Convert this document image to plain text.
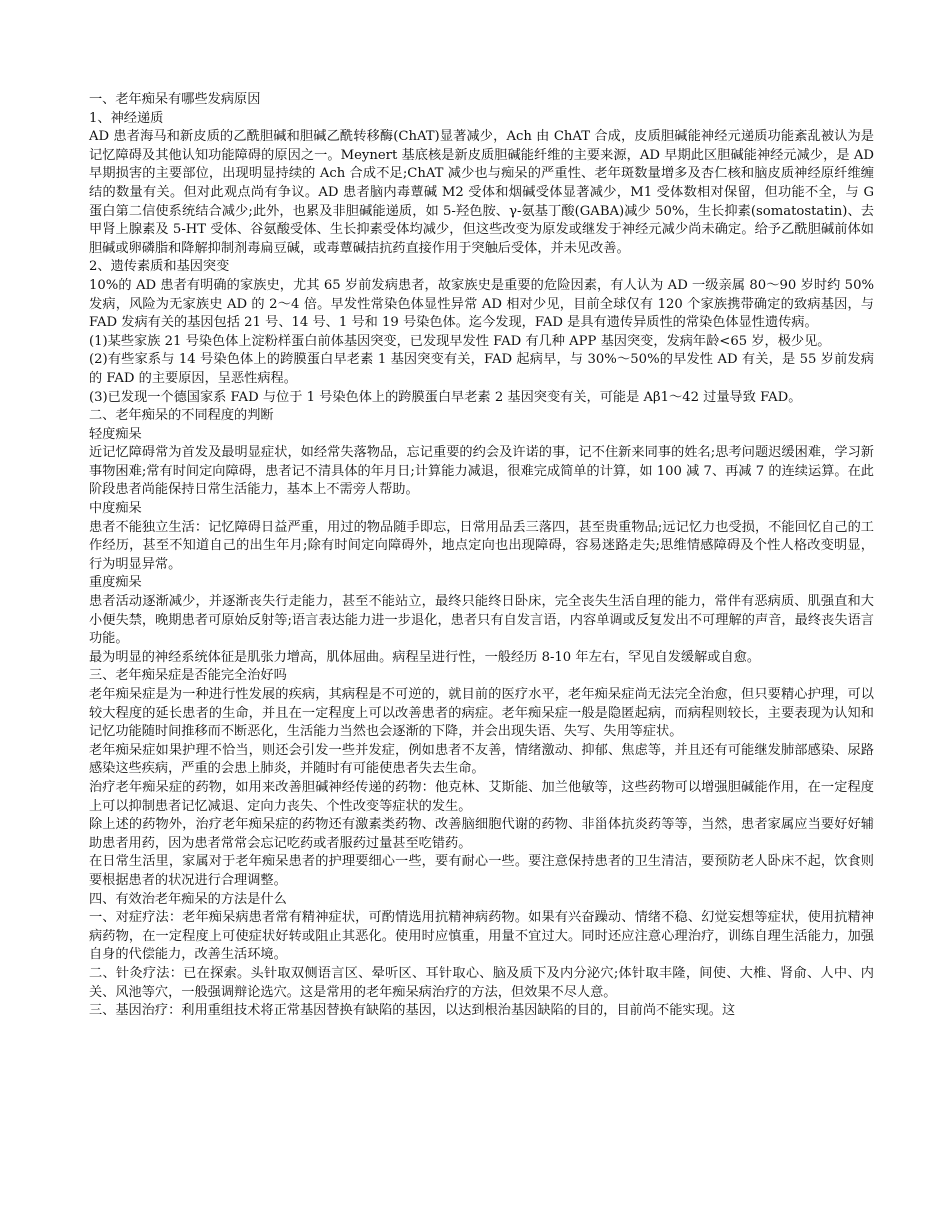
一、老年痴呆有哪些发病原因
1、神经递质
AD 患者海马和新皮质的乙酰胆碱和胆碱乙酰转移酶(ChAT)显著减少，Ach 由 ChAT 合成，皮质胆碱能神经元递质功能紊乱被认为是记忆障碍及其他认知功能障碍的原因之一。Meynert 基底核是新皮质胆碱能纤维的主要来源，AD 早期此区胆碱能神经元减少，是 AD 早期损害的主要部位，出现明显持续的 Ach 合成不足;ChAT 减少也与痴呆的严重性、老年斑数量增多及杏仁核和脑皮质神经原纤维缠结的数量有关。但对此观点尚有争议。AD 患者脑内毒蕈碱 M2 受体和烟碱受体显著减少，M1 受体数相对保留，但功能不全，与 G 蛋白第二信使系统结合减少;此外，也累及非胆碱能递质，如 5-羟色胺、γ-氨基丁酸(GABA)减少 50%，生长抑素(somatostatin)、去甲肾上腺素及 5-HT 受体、谷氨酸受体、生长抑素受体均减少，但这些改变为原发或继发于神经元减少尚未确定。给予乙酰胆碱前体如胆碱或卵磷脂和降解抑制剂毒扁豆碱，或毒蕈碱拮抗药直接作用于突触后受体，并未见改善。
2、遗传素质和基因突变
10%的 AD 患者有明确的家族史，尤其 65 岁前发病患者，故家族史是重要的危险因素，有人认为 AD 一级亲属 80～90 岁时约 50%发病，风险为无家族史 AD 的 2～4 倍。早发性常染色体显性异常 AD 相对少见，目前全球仅有 120 个家族携带确定的致病基因，与 FAD 发病有关的基因包括 21 号、14 号、1 号和 19 号染色体。迄今发现，FAD 是具有遗传异质性的常染色体显性遗传病。
(1)某些家族 21 号染色体上淀粉样蛋白前体基因突变，已发现早发性 FAD 有几种 APP 基因突变，发病年龄<65 岁，极少见。
(2)有些家系与 14 号染色体上的跨膜蛋白早老素 1 基因突变有关，FAD 起病早，与 30%～50%的早发性 AD 有关，是 55 岁前发病的 FAD 的主要原因，呈恶性病程。
(3)已发现一个德国家系 FAD 与位于 1 号染色体上的跨膜蛋白早老素 2 基因突变有关，可能是 Aβ1～42 过量导致 FAD。
二、老年痴呆的不同程度的判断
轻度痴呆
近记忆障碍常为首发及最明显症状，如经常失落物品，忘记重要的约会及许诺的事，记不住新来同事的姓名;思考问题迟缓困难，学习新事物困难;常有时间定向障碍，患者记不清具体的年月日;计算能力减退，很难完成简单的计算，如 100 减 7、再减 7 的连续运算。在此阶段患者尚能保持日常生活能力，基本上不需旁人帮助。
中度痴呆
患者不能独立生活：记忆障碍日益严重，用过的物品随手即忘，日常用品丢三落四，甚至贵重物品;远记忆力也受损，不能回忆自己的工作经历，甚至不知道自己的出生年月;除有时间定向障碍外，地点定向也出现障碍，容易迷路走失;思维情感障碍及个性人格改变明显，行为明显异常。
重度痴呆
患者活动逐渐减少，并逐渐丧失行走能力，甚至不能站立，最终只能终日卧床，完全丧失生活自理的能力，常伴有恶病质、肌强直和大小便失禁，晚期患者可原始反射等;语言表达能力进一步退化，患者只有自发言语，内容单调或反复发出不可理解的声音，最终丧失语言功能。
最为明显的神经系统体征是肌张力增高，肌体屈曲。病程呈进行性，一般经历 8-10 年左右，罕见自发缓解或自愈。
三、老年痴呆症是否能完全治好吗
老年痴呆症是为一种进行性发展的疾病，其病程是不可逆的，就目前的医疗水平，老年痴呆症尚无法完全治愈，但只要精心护理，可以较大程度的延长患者的生命，并且在一定程度上可以改善患者的病症。老年痴呆症一般是隐匿起病，而病程则较长，主要表现为认知和记忆功能随时间推移而不断恶化，生活能力当然也会逐渐的下降，并会出现失语、失写、失用等症状。
老年痴呆症如果护理不恰当，则还会引发一些并发症，例如患者不友善，情绪激动、抑郁、焦虑等，并且还有可能继发肺部感染、尿路感染这些疾病，严重的会患上肺炎，并随时有可能使患者失去生命。
治疗老年痴呆症的药物，如用来改善胆碱神经传递的药物：他克林、艾斯能、加兰他敏等，这些药物可以增强胆碱能作用，在一定程度上可以抑制患者记忆减退、定向力丧失、个性改变等症状的发生。
除上述的药物外，治疗老年痴呆症的药物还有激素类药物、改善脑细胞代谢的药物、非甾体抗炎药等等，当然，患者家属应当要好好辅助患者用药，因为患者常常会忘记吃药或者服药过量甚至吃错药。
在日常生活里，家属对于老年痴呆患者的护理要细心一些，要有耐心一些。要注意保持患者的卫生清洁，要预防老人卧床不起，饮食则要根据患者的状况进行合理调整。
四、有效治老年痴呆的方法是什么
一、对症疗法：老年痴呆病患者常有精神症状，可酌情选用抗精神病药物。如果有兴奋躁动、情绪不稳、幻觉妄想等症状，使用抗精神病药物，在一定程度上可使症状好转或阻止其恶化。使用时应慎重，用量不宜过大。同时还应注意心理治疗，训练自理生活能力，加强自身的代偿能力，改善生活环境。
二、针灸疗法：已在探索。头针取双侧语言区、晕听区、耳针取心、脑及质下及内分泌穴;体针取丰隆，间使、大椎、肾俞、人中、内关、风池等穴，一般强调辩论选穴。这是常用的老年痴呆病治疗的方法，但效果不尽人意。
三、基因治疗：利用重组技术将正常基因替换有缺陷的基因，以达到根治基因缺陷的目的，目前尚不能实现。这
